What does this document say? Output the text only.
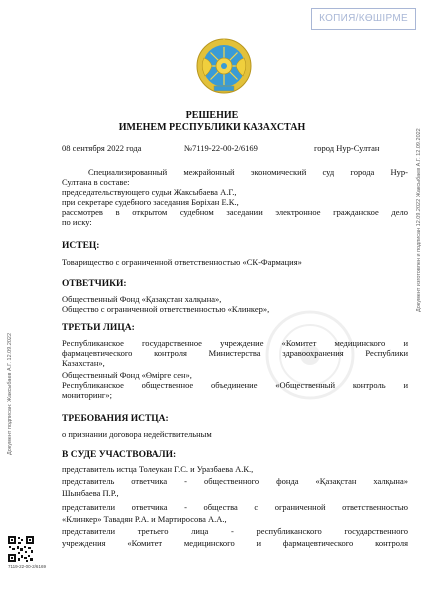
КОПИЯ/КӨШІРМЕ
РЕШЕНИЕ
ИМЕНЕМ РЕСПУБЛИКИ КАЗАХСТАН
08 сентября 2022 года	№7119-22-00-2/6169	город Нур-Султан
Специализированный межрайонный экономический суд города Нур-
Султана в составе:
председательствующего судьи Жаксыбаева А.Г.,
при секретаре судебного заседания Бөріхан Е.К.,
рассмотрев в открытом судебном заседании электронное гражданское дело
по иску:
ИСТЕЦ:
Товарищество с ограниченной ответственностью «СК-Фармация»
ОТВЕТЧИКИ:
Общественный Фонд «Қазақстан халқына»,
Общество с ограниченной ответственностью «Клинкер»,
ТРЕТЬИ ЛИЦА:
Республиканское государственное учреждение «Комитет медицинского и
фармацевтического контроля Министерства здравоохранения Республики
Казахстан»,
Общественный Фонд «Өмірге сен»,
Республиканское общественное объединение «Общественный контроль и
мониторинг»;
ТРЕБОВАНИЯ ИСТЦА:
о признании договора недействительным
В СУДЕ УЧАСТВОВАЛИ:
представитель истца Толеукан Г.С. и Уразбаева А.К.,
представитель ответчика - общественного фонда «Қазақстан халқына»
Шынбаева П.Р.,
представители ответчика - общества с ограниченной ответственностью
«Клинкер» Тавадян Р.А. и Мартиросова А.А.,
представители третьего лица - республиканского государственного
учреждения «Комитет медицинского и фармацевтического контроля
Документ подписан: Жаксыбаев А.Г. 12.09.2022
Документ изготовлен и подписан 12.09.2022 Жаксыбаев А.Г. 12.09.2022
7119-22-00-2/6169
